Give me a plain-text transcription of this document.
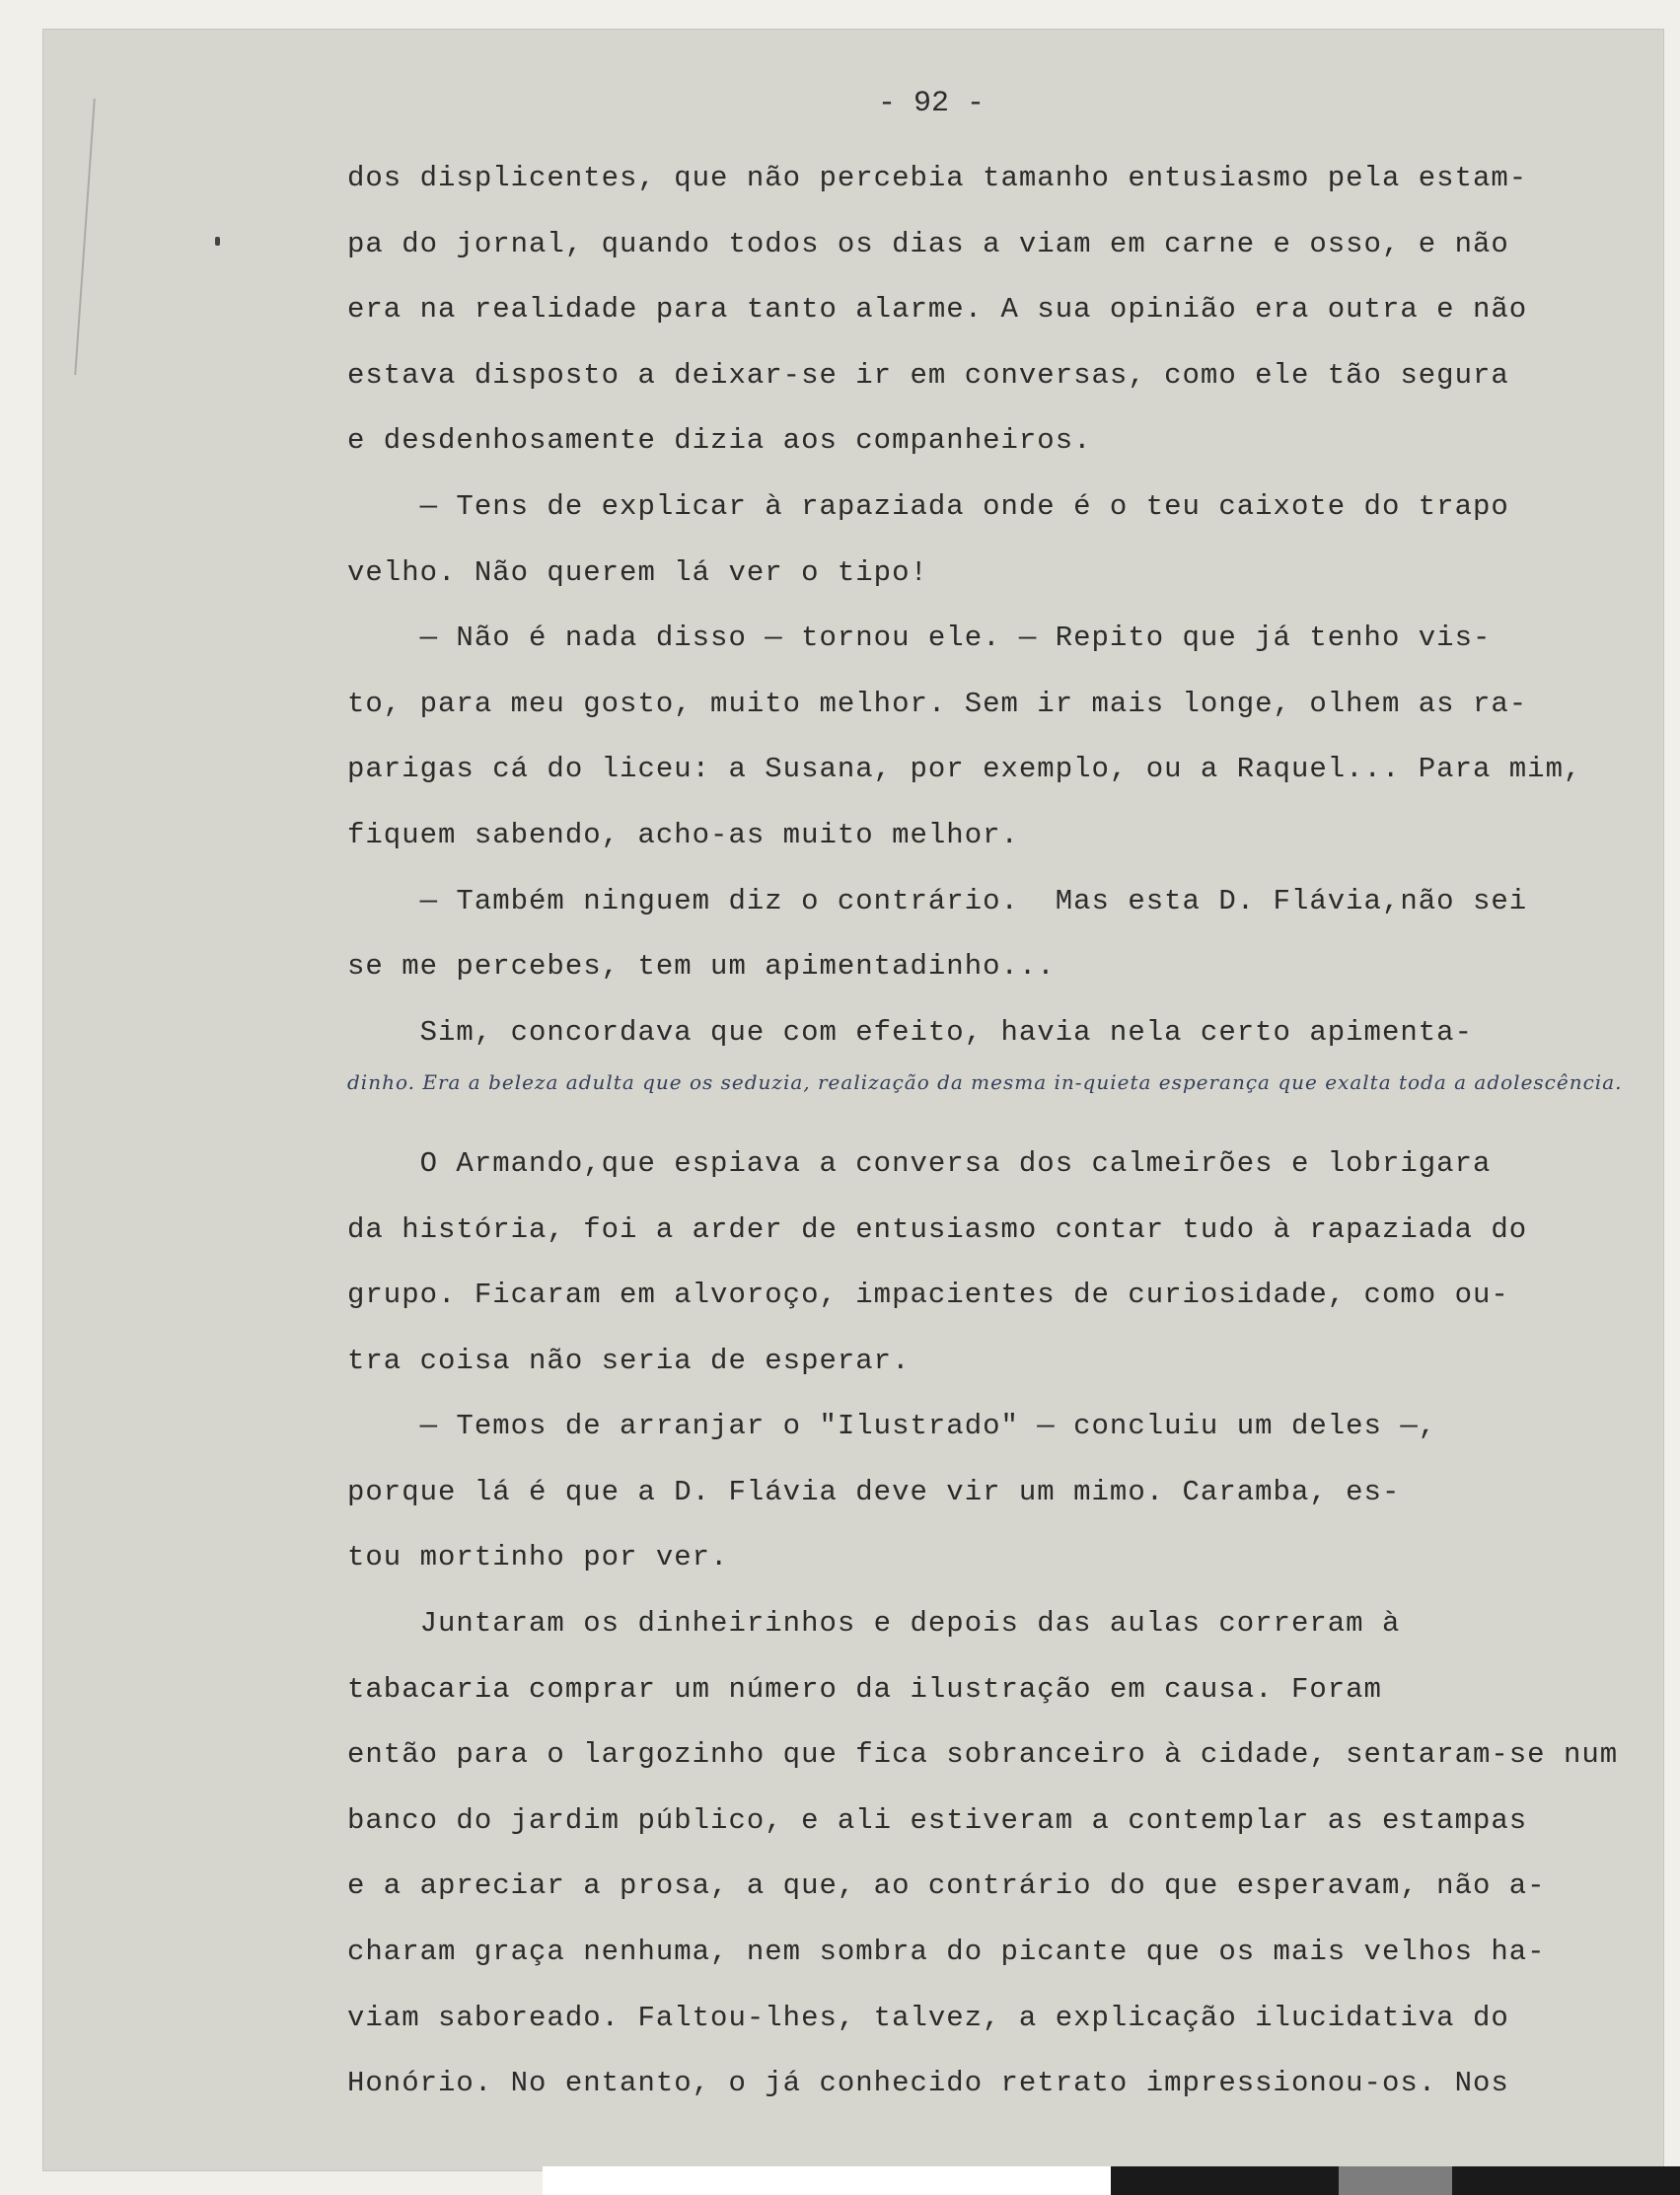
- 92 -
dos displicentes, que não percebia tamanho entusiasmo pela estam-
pa do jornal, quando todos os dias a viam em carne e osso, e não
era na realidade para tanto alarme. A sua opinião era outra e não
estava disposto a deixar-se ir em conversas, como ele tão segura
e desdenhosamente dizia aos companheiros.
— Tens de explicar à rapaziada onde é o teu caixote do trapo
velho. Não querem lá ver o tipo!
— Não é nada disso — tornou ele. — Repito que já tenho vis-
to, para meu gosto, muito melhor. Sem ir mais longe, olhem as ra-
parigas cá do liceu: a Susana, por exemplo, ou a Raquel... Para mim,
fiquem sabendo, acho-as muito melhor.
— Também ninguem diz o contrário.  Mas esta D. Flávia,não sei
se me percebes, tem um apimentadinho...
Sim, concordava que com efeito, havia nela certo apimenta-
dinho. Era a beleza adulta que os seduzia, realização da mesma in-quieta esperança que exalta toda a adolescência.
O Armando,que espiava a conversa dos calmeirões e lobrigara
da história, foi a arder de entusiasmo contar tudo à rapaziada do
grupo. Ficaram em alvoroço, impacientes de curiosidade, como ou-
tra coisa não seria de esperar.
— Temos de arranjar o "Ilustrado" — concluiu um deles —,
porque lá é que a D. Flávia deve vir um mimo. Caramba, es-
tou mortinho por ver.
Juntaram os dinheirinhos e depois das aulas correram à
tabacaria comprar um número da ilustração em causa. Foram
então para o largozinho que fica sobranceiro à cidade, sentaram-se num
banco do jardim público, e ali estiveram a contemplar as estampas
e a apreciar a prosa, a que, ao contrário do que esperavam, não a-
charam graça nenhuma, nem sombra do picante que os mais velhos ha-
viam saboreado. Faltou-lhes, talvez, a explicação ilucidativa do
Honório. No entanto, o já conhecido retrato impressionou-os. Nos
